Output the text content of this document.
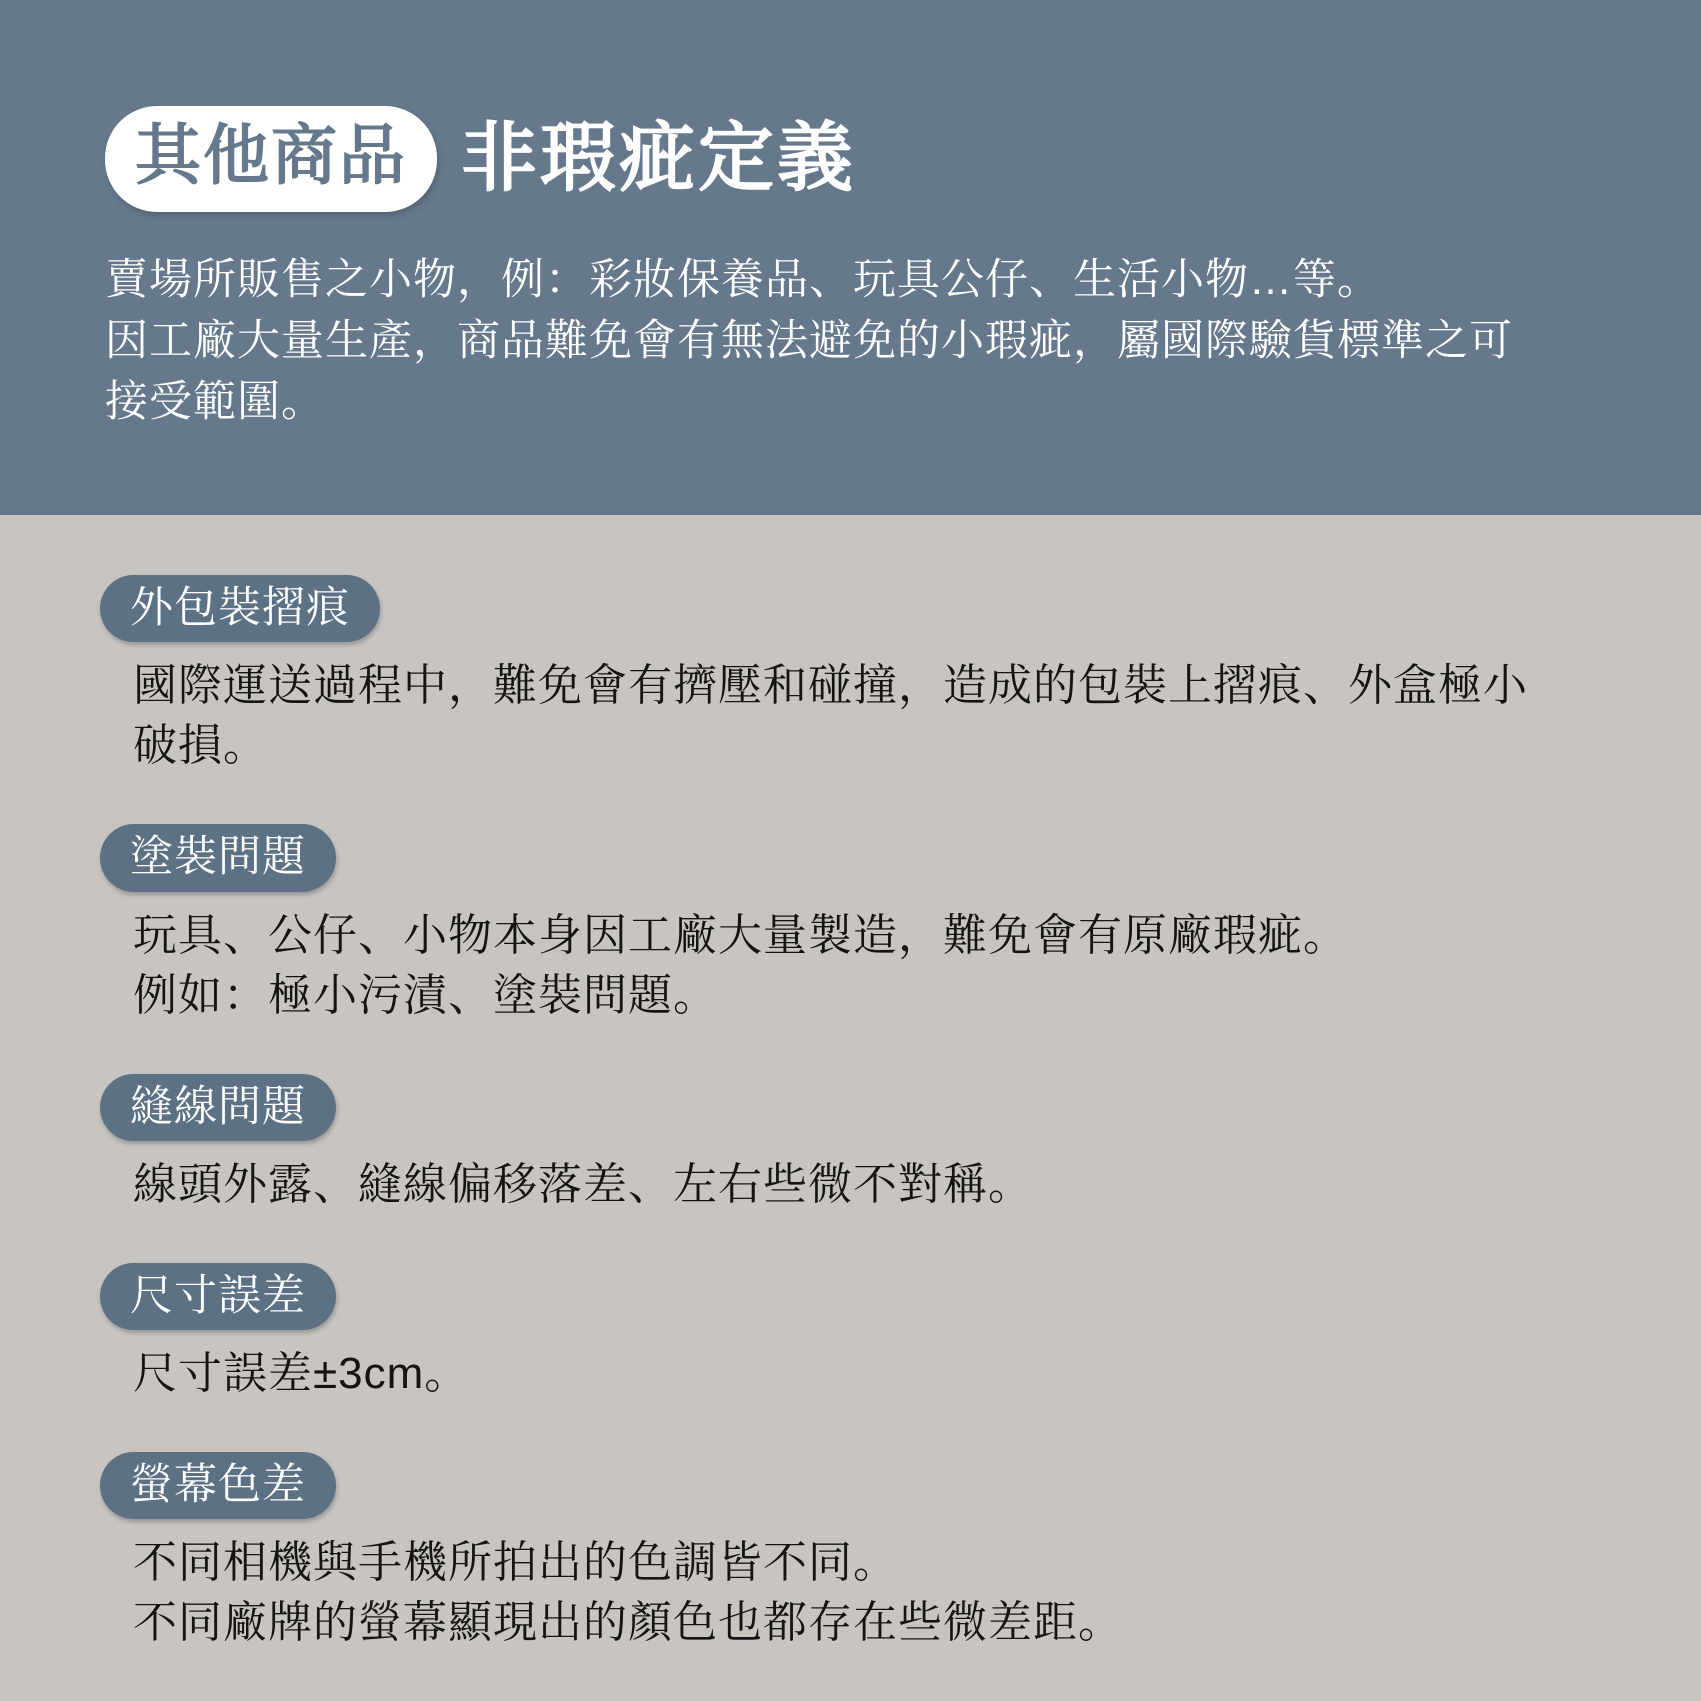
其他商品 非瑕疵定義
賣場所販售之小物，例：彩妝保養品、玩具公仔、生活小物…等。
因工廠大量生產，商品難免會有無法避免的小瑕疵，屬國際驗貨標準之可
接受範圍。
外包裝摺痕
國際運送過程中，難免會有擠壓和碰撞，造成的包裝上摺痕、外盒極小
破損。
塗裝問題
玩具、公仔、小物本身因工廠大量製造，難免會有原廠瑕疵。
例如：極小污漬、塗裝問題。
縫線問題
線頭外露、縫線偏移落差、左右些微不對稱。
尺寸誤差
尺寸誤差±3cm。
螢幕色差
不同相機與手機所拍出的色調皆不同。
不同廠牌的螢幕顯現出的顏色也都存在些微差距。
